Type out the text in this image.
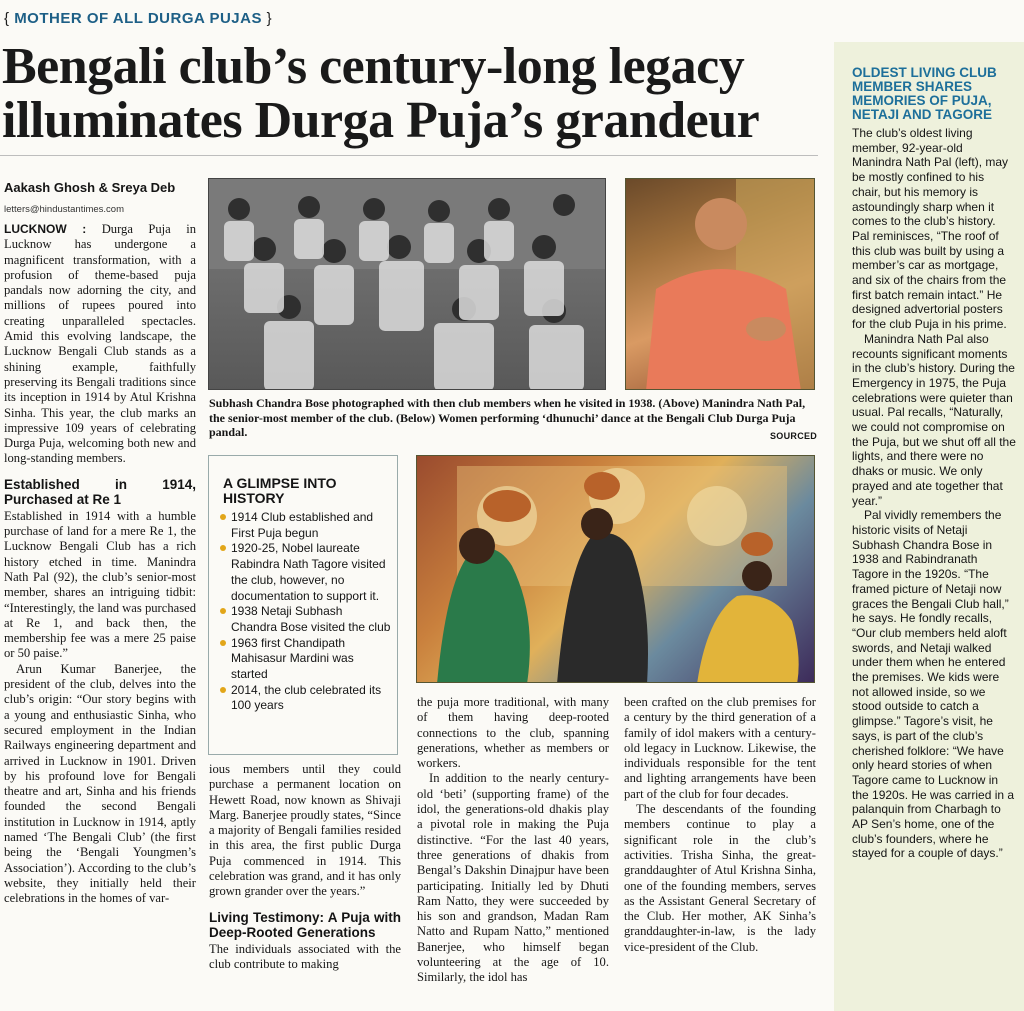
{ MOTHER OF ALL DURGA PUJAS }
Bengali club’s century-long legacy
illuminates Durga Puja’s grandeur
Aakash Ghosh & Sreya Deb
letters@hindustantimes.com

LUCKNOW : Durga Puja in Lucknow has undergone a magnificent transformation, with a profusion of theme-based puja pandals now adorning the city, and millions of rupees poured into creating unparalleled spectacles. Amid this evolving landscape, the Lucknow Bengali Club stands as a shining example, faithfully preserving its Bengali traditions since its inception in 1914 by Atul Krishna Sinha. This year, the club marks an impressive 109 years of celebrating Durga Puja, welcoming both new and long-standing members.

Established in 1914, Purchased at Re 1

Established in 1914 with a humble purchase of land for a mere Re 1, the Lucknow Bengali Club has a rich history etched in time. Manindra Nath Pal (92), the club’s senior-most member, shares an intriguing tidbit: “Interestingly, the land was purchased at Re 1, and back then, the membership fee was a mere 25 paise or 50 paise.”

Arun Kumar Banerjee, the president of the club, delves into the club’s origin: “Our story begins with a young and enthusiastic Sinha, who secured employment in the Indian Railways engineering department and arrived in Lucknow in 1901. Driven by his profound love for Bengali theatre and art, Sinha and his friends founded the second Bengali institution in Lucknow in 1914, aptly named ‘The Bengali Club’ (the first being the ‘Bengali Youngmen’s Association’). According to the club’s website, they initially held their celebrations in the homes of var-

Subhash Chandra Bose photographed with then club members when he visited in 1938. (Above) Manindra Nath Pal, the senior-most member of the club. (Below) Women performing ‘dhunuchi’ dance at the Bengali Club Durga Puja pandal.	SOURCED
A GLIMPSE INTO HISTORY
1914 Club established and First Puja begun
1920-25, Nobel laureate Rabindra Nath Tagore visited the club, however, no documentation to support it.
1938 Netaji Subhash Chandra Bose visited the club
1963 first Chandipath Mahisasur Mardini was started
2014, the club celebrated its 100 years

ious members until they could purchase a permanent location on Hewett Road, now known as Shivaji Marg. Banerjee proudly states, “Since a majority of Bengali families resided in this area, the first public Durga Puja commenced in 1914. This celebration was grand, and it has only grown grander over the years.”

Living Testimony: A Puja with Deep-Rooted Generations

The individuals associated with the club contribute to making

the puja more traditional, with many of them having deep-rooted connections to the club, spanning generations, whether as members or workers.

In addition to the nearly century-old ‘beti’ (supporting frame) of the idol, the generations-old dhakis play a pivotal role in making the Puja distinctive. “For the last 40 years, three generations of dhakis from Bengal’s Dakshin Dinajpur have been participating. Initially led by Dhuti Ram Natto, they were succeeded by his son and grandson, Madan Ram Natto and Rupam Natto,” mentioned Banerjee, who himself began volunteering at the age of 10. Similarly, the idol has

been crafted on the club premises for a century by the third generation of a family of idol makers with a century-old legacy in Lucknow. Likewise, the individuals responsible for the tent and lighting arrangements have been part of the club for four decades.

The descendants of the founding members continue to play a significant role in the club’s activities. Trisha Sinha, the great-granddaughter of Atul Krishna Sinha, one of the founding members, serves as the Assistant General Secretary of the Club. Her mother, AK Sinha’s granddaughter-in-law, is the lady vice-president of the Club.

OLDEST LIVING CLUB MEMBER SHARES MEMORIES OF PUJA, NETAJI AND TAGORE

The club’s oldest living member, 92-year-old Manindra Nath Pal (left), may be mostly confined to his chair, but his memory is astoundingly sharp when it comes to the club’s history. Pal reminisces, “The roof of this club was built by using a member’s car as mortgage, and six of the chairs from the first batch remain intact.” He designed advertorial posters for the club Puja in his prime.

Manindra Nath Pal also recounts significant moments in the club’s history. During the Emergency in 1975, the Puja celebrations were quieter than usual. Pal recalls, “Naturally, we could not compromise on the Puja, but we shut off all the lights, and there were no dhaks or music. We only prayed and ate together that year.”

Pal vividly remembers the historic visits of Netaji Subhash Chandra Bose in 1938 and Rabindranath Tagore in the 1920s. “The framed picture of Netaji now graces the Bengali Club hall,” he says. He fondly recalls, “Our club members held aloft swords, and Netaji walked under them when he entered the premises. We kids were not allowed inside, so we stood outside to catch a glimpse.” Tagore’s visit, he says, is part of the club’s cherished folklore: “We have only heard stories of when Tagore came to Lucknow in the 1920s. He was carried in a palanquin from Charbagh to AP Sen’s home, one of the club’s founders, where he stayed for a couple of days.”
